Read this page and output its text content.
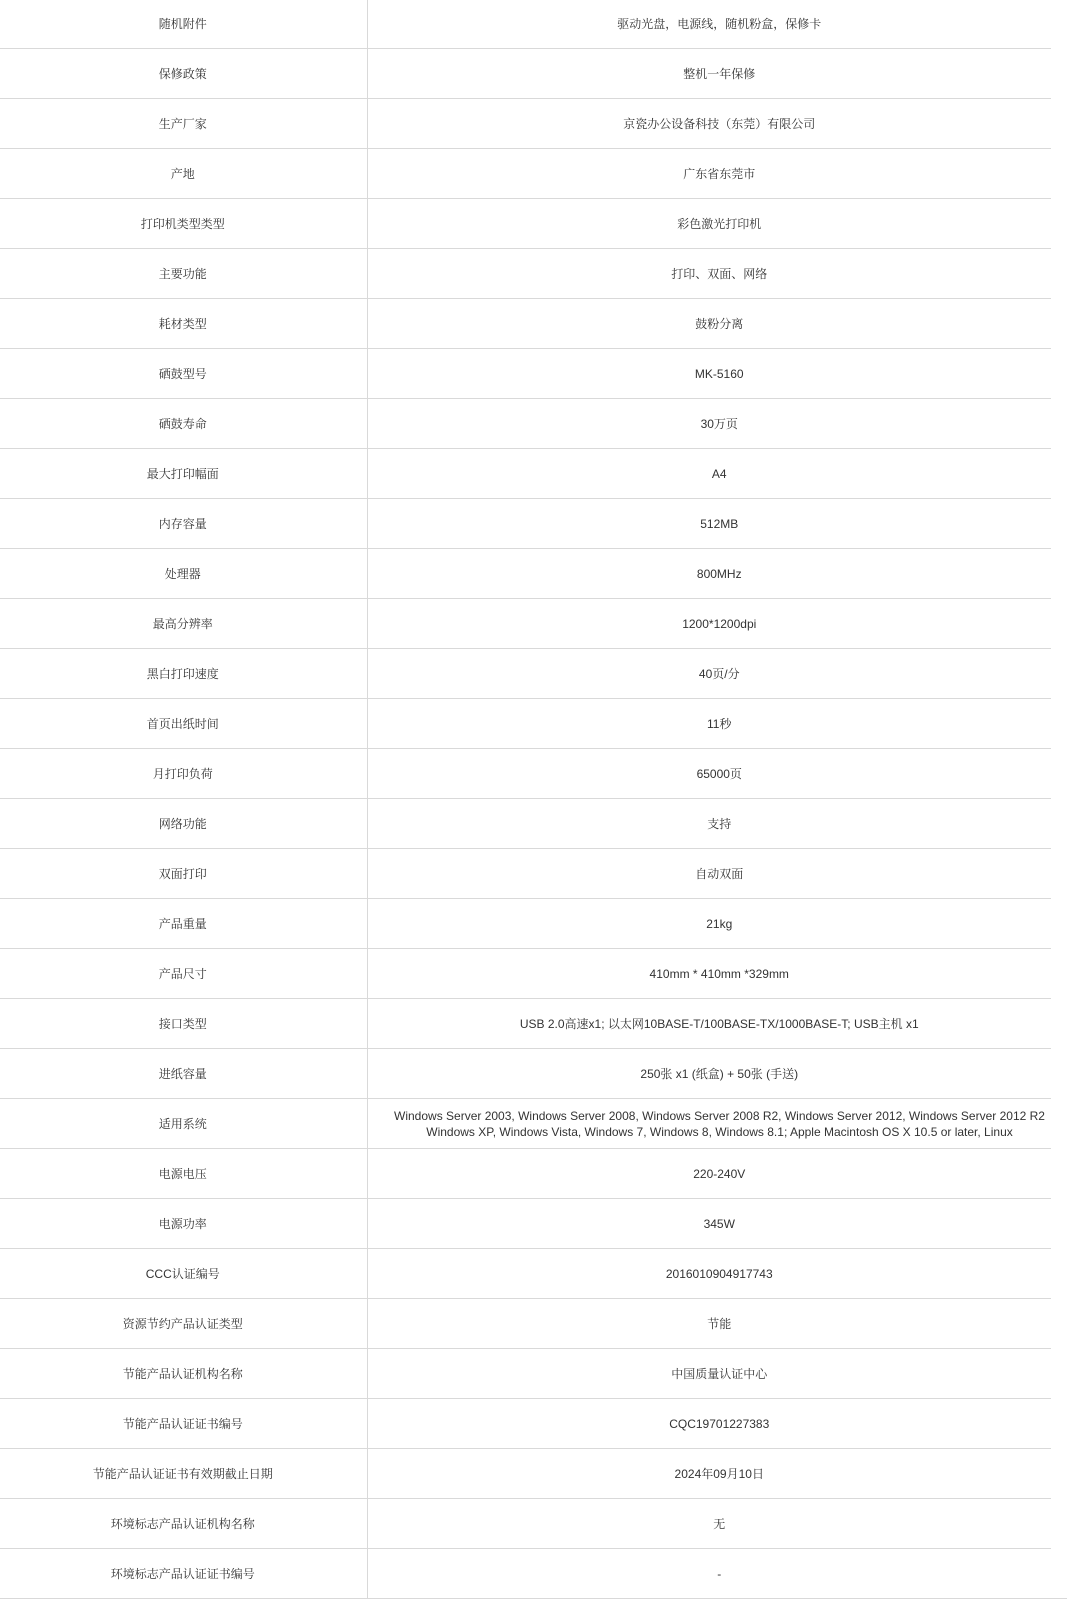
随机附件	驱动光盘，电源线，随机粉盒，保修卡
保修政策	整机一年保修
生产厂家	京瓷办公设备科技（东莞）有限公司
产地	广东省东莞市
打印机类型类型	彩色激光打印机
主要功能	打印、双面、网络
耗材类型	鼓粉分离
硒鼓型号	MK-5160
硒鼓寿命	30万页
最大打印幅面	A4
内存容量	512MB
处理器	800MHz
最高分辨率	1200*1200dpi
黑白打印速度	40页/分
首页出纸时间	11秒
月打印负荷	65000页
网络功能	支持
双面打印	自动双面
产品重量	21kg
产品尺寸	410mm * 410mm *329mm
接口类型	USB 2.0高速x1; 以太网10BASE-T/100BASE-TX/1000BASE-T; USB主机 x1
进纸容量	250张 x1 (纸盒) + 50张 (手送)
适用系统	Windows Server 2003, Windows Server 2008, Windows Server 2008 R2, Windows Server 2012, Windows Server 2012 R2
Windows XP, Windows Vista, Windows 7, Windows 8, Windows 8.1; Apple Macintosh OS X 10.5 or later, Linux

电源电压	220-240V
电源功率	345W
CCC认证编号	2016010904917743
资源节约产品认证类型	节能
节能产品认证机构名称	中国质量认证中心
节能产品认证证书编号	CQC19701227383
节能产品认证证书有效期截止日期	2024年09月10日
环境标志产品认证机构名称	无
环境标志产品认证证书编号	-
